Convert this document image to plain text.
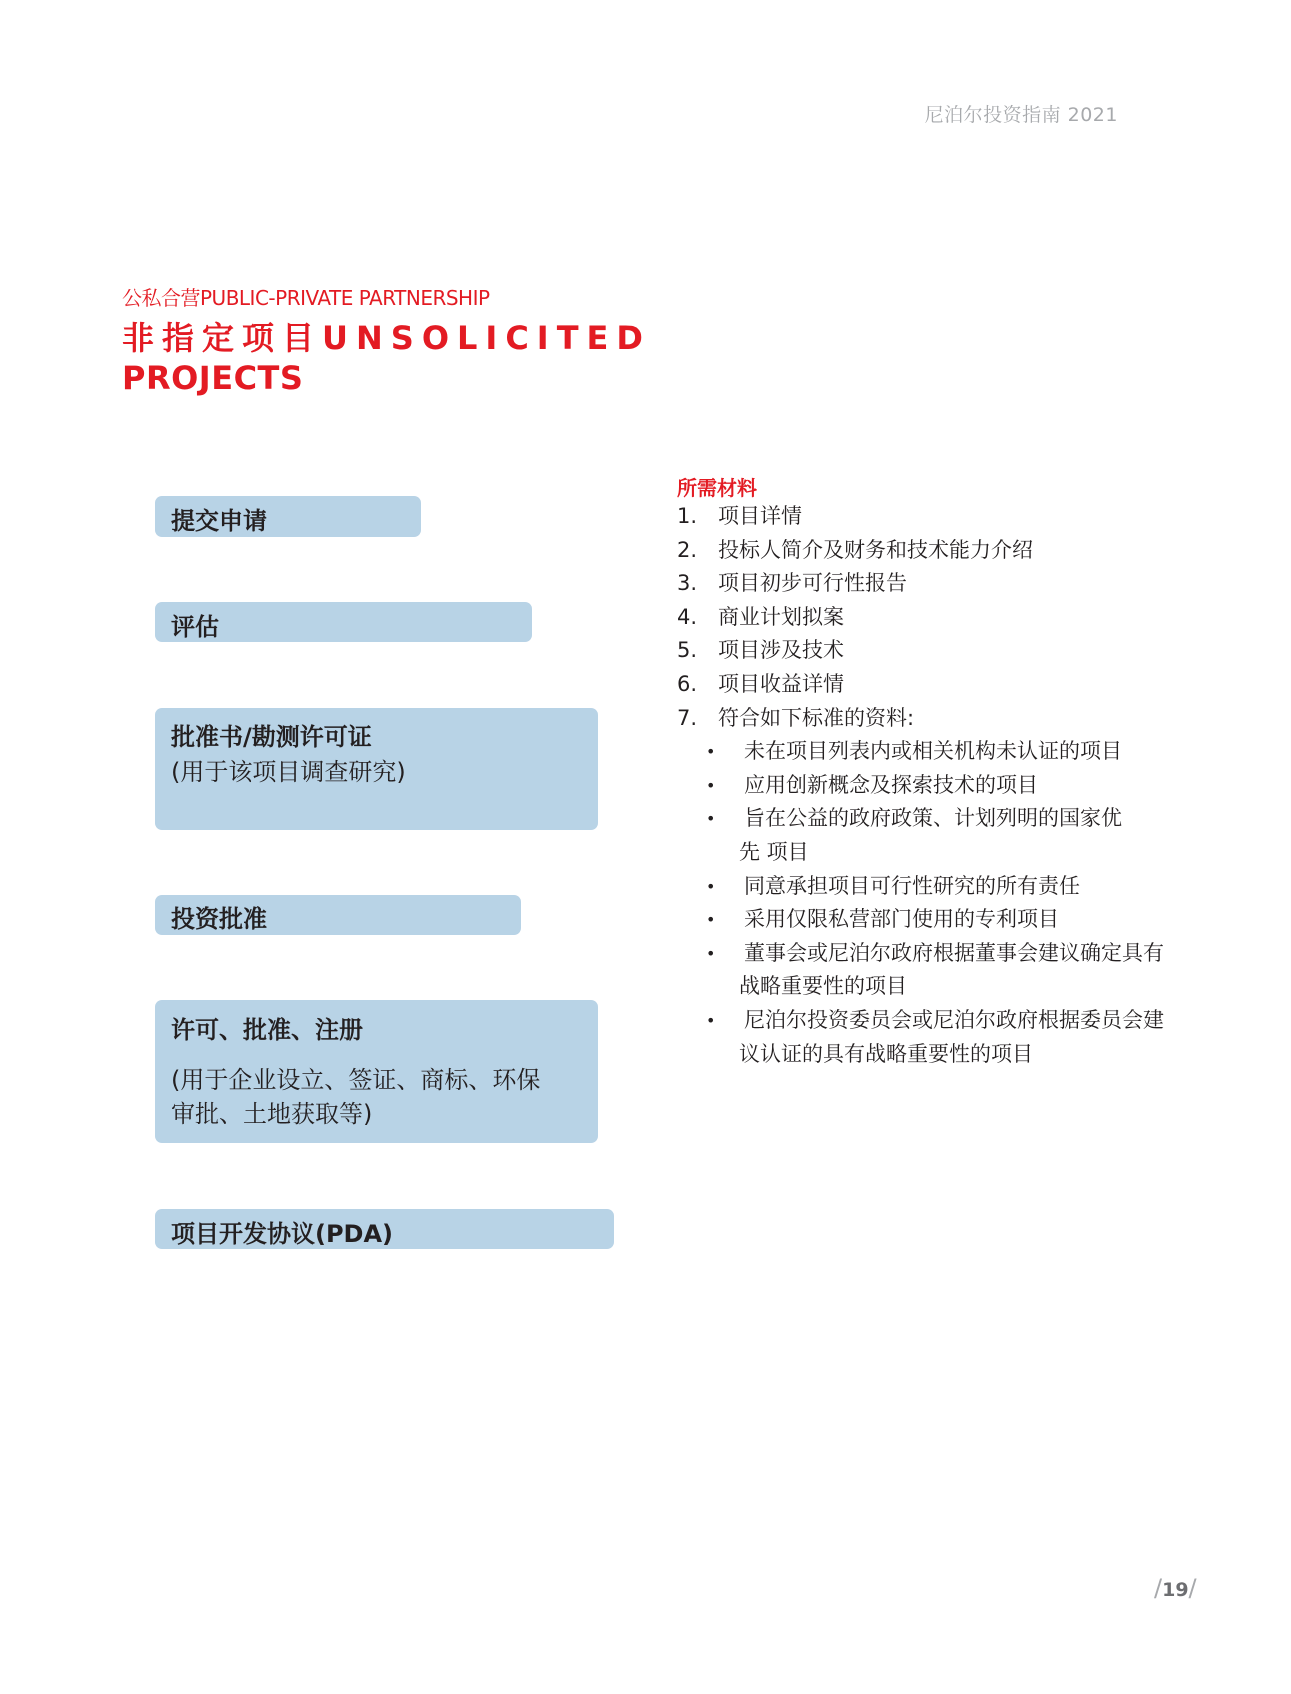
尼泊尔投资指南 2021
公私合营PUBLIC-PRIVATE PARTNERSHIP
非指定项目UNSOLICITED
PROJECTS
提交申请
评估
批准书/勘测许可证
(用于该项目调查研究)
投资批准
许可、批准、注册
(用于企业设立、签证、商标、环保审批、土地获取等)
项目开发协议(PDA)
所需材料
1. 项目详情
2. 投标人简介及财务和技术能力介绍
3. 项目初步可行性报告
4. 商业计划拟案
5. 项目涉及技术
6. 项目收益详情
7. 符合如下标准的资料:
• 未在项目列表内或相关机构未认证的项目
• 应用创新概念及探索技术的项目
• 旨在公益的政府政策、计划列明的国家优先 项目
• 同意承担项目可行性研究的所有责任
• 采用仅限私营部门使用的专利项目
• 董事会或尼泊尔政府根据董事会建议确定具有战略重要性的项目
• 尼泊尔投资委员会或尼泊尔政府根据委员会建议认证的具有战略重要性的项目
/19/
